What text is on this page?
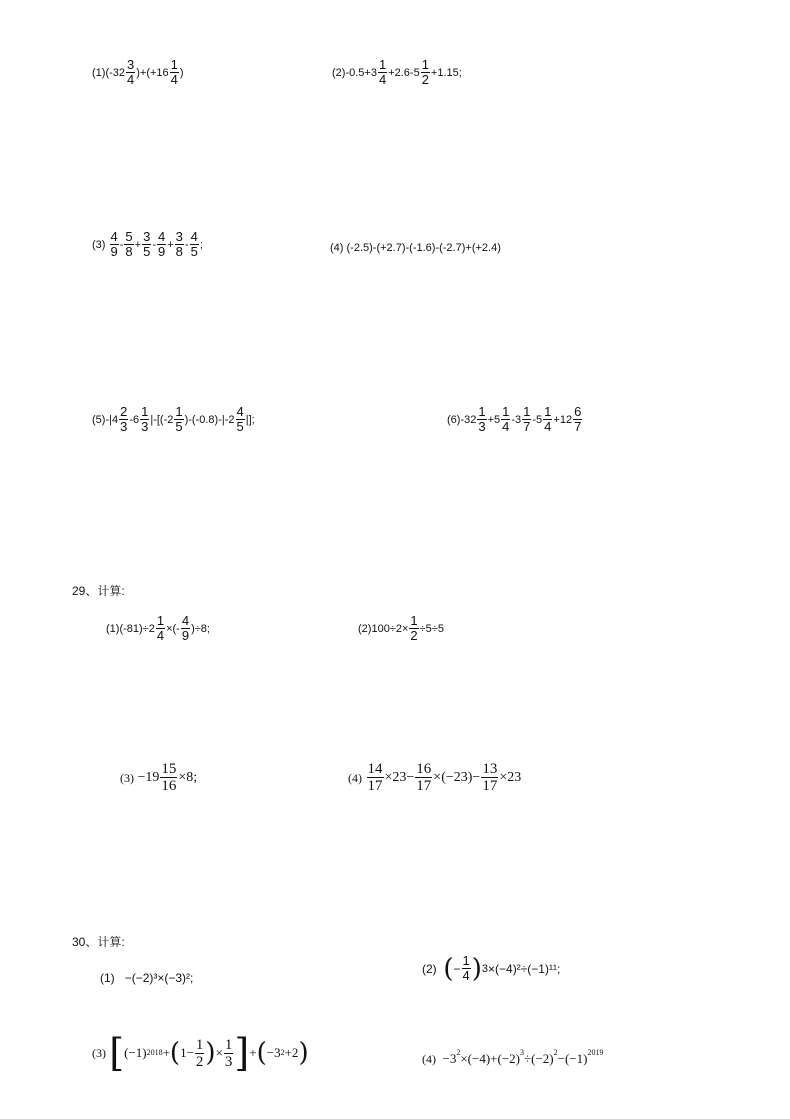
(1) $(-32 \frac{3}{4} )+(+16 \frac{1}{4}$ )	(2) $-0.5+3 \frac{1}{4} +2.6-5 \frac{1}{2} +1.15$;
(3)
$\frac{4}{9} - \frac{5}{8} + \frac{3}{5} - \frac{4}{9} + \frac{3}{8} - \frac{4}{5}$ ;	(4) (-2.5)-(+2.7)-(-1.6)-(-2.7)+(+2.4)
(5) $-|4 \frac{2}{3} -6 \frac{1}{3} |-[(-2 \frac{1}{5} )-(-0.8)-|-2 \frac{4}{5}$ |];	(6) $-32 \frac{1}{3} +5 \frac{1}{4} -3 \frac{1}{7} -5 \frac{1}{4} +12 \frac{6}{7}$
29、计算:
(1) $(-81)\div 2 \frac{1}{4}$ ×(- $\frac{4}{9} )\div 8$;	(2) $100\div 2\times \frac{1}{2} \div 5\div 5$
(3)
$-19 \frac{15}{16} \times 8$;	(4)
$\frac{14}{17} \times 23- \frac{16}{17} \times(-23)- \frac{13}{17} \times 23$
30、计算:
(1) −(−2)³×(−3)²;
(2)
( − $\frac{1}{4}$ ) 3 ×(−4)²÷(−1)¹¹;
(3)
[ (−1) 2018 + ( $1- \frac{1}{2}$ ) × $\frac{1}{3}$ ] + ( −3 2 +2 )	$(4) -3^2\times(-4)+(-2)^3\div(-2)^2-(-1)^{2019}$
